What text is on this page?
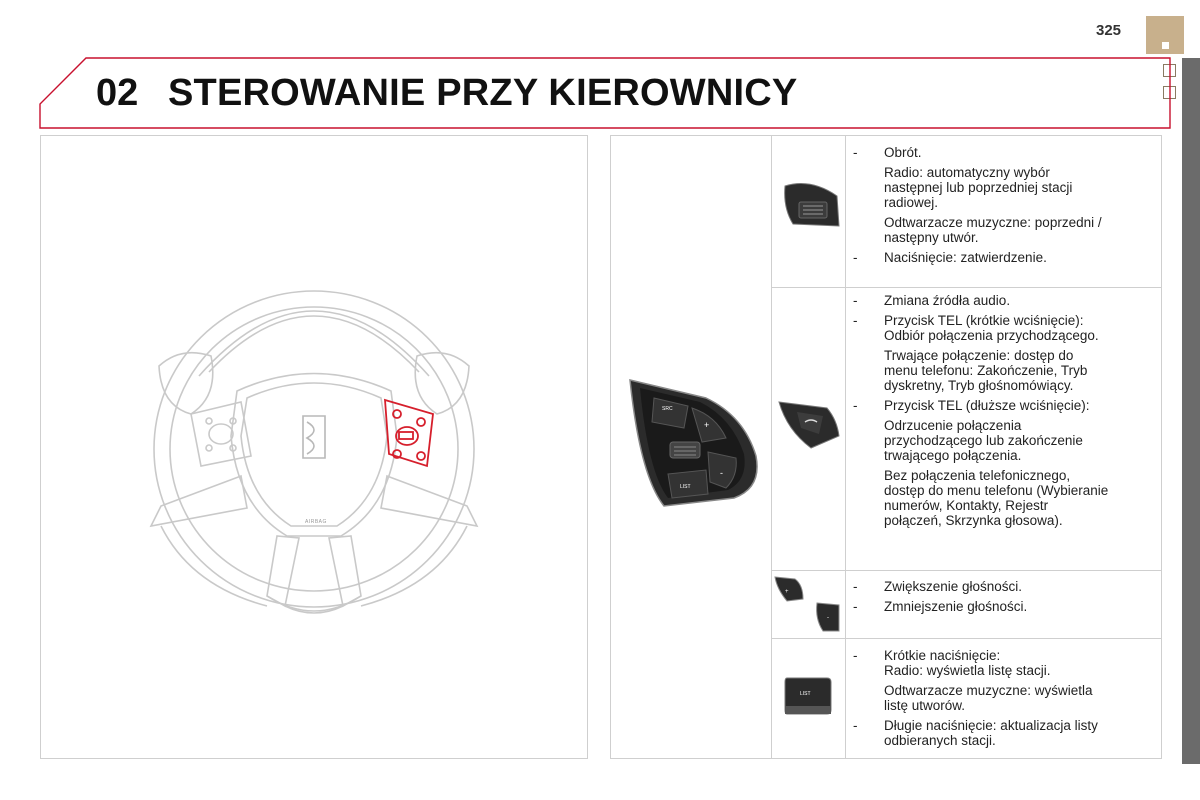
325
02 STEROWANIE PRZY KIEROWNICY
AIRBAG
SRC
+
-
LIST
+
-
LIST
- Obrót.
Radio: automatyczny wybór
następnej lub poprzedniej stacji
radiowej.
Odtwarzacze muzyczne: poprzedni /
następny utwór.
- Naciśnięcie: zatwierdzenie.
- Zmiana źródła audio.
- Przycisk TEL (krótkie wciśnięcie):
Odbiór połączenia przychodzącego.
Trwające połączenie: dostęp do
menu telefonu: Zakończenie, Tryb
dyskretny, Tryb głośnomówiący.
- Przycisk TEL (dłuższe wciśnięcie):
Odrzucenie połączenia
przychodzącego lub zakończenie
trwającego połączenia.
Bez połączenia telefonicznego,
dostęp do menu telefonu (Wybieranie
numerów, Kontakty, Rejestr
połączeń, Skrzynka głosowa).
- Zwiększenie głośności.
- Zmniejszenie głośności.
- Krótkie naciśnięcie:
Radio: wyświetla listę stacji.
Odtwarzacze muzyczne: wyświetla
listę utworów.
- Długie naciśnięcie: aktualizacja listy
odbieranych stacji.
